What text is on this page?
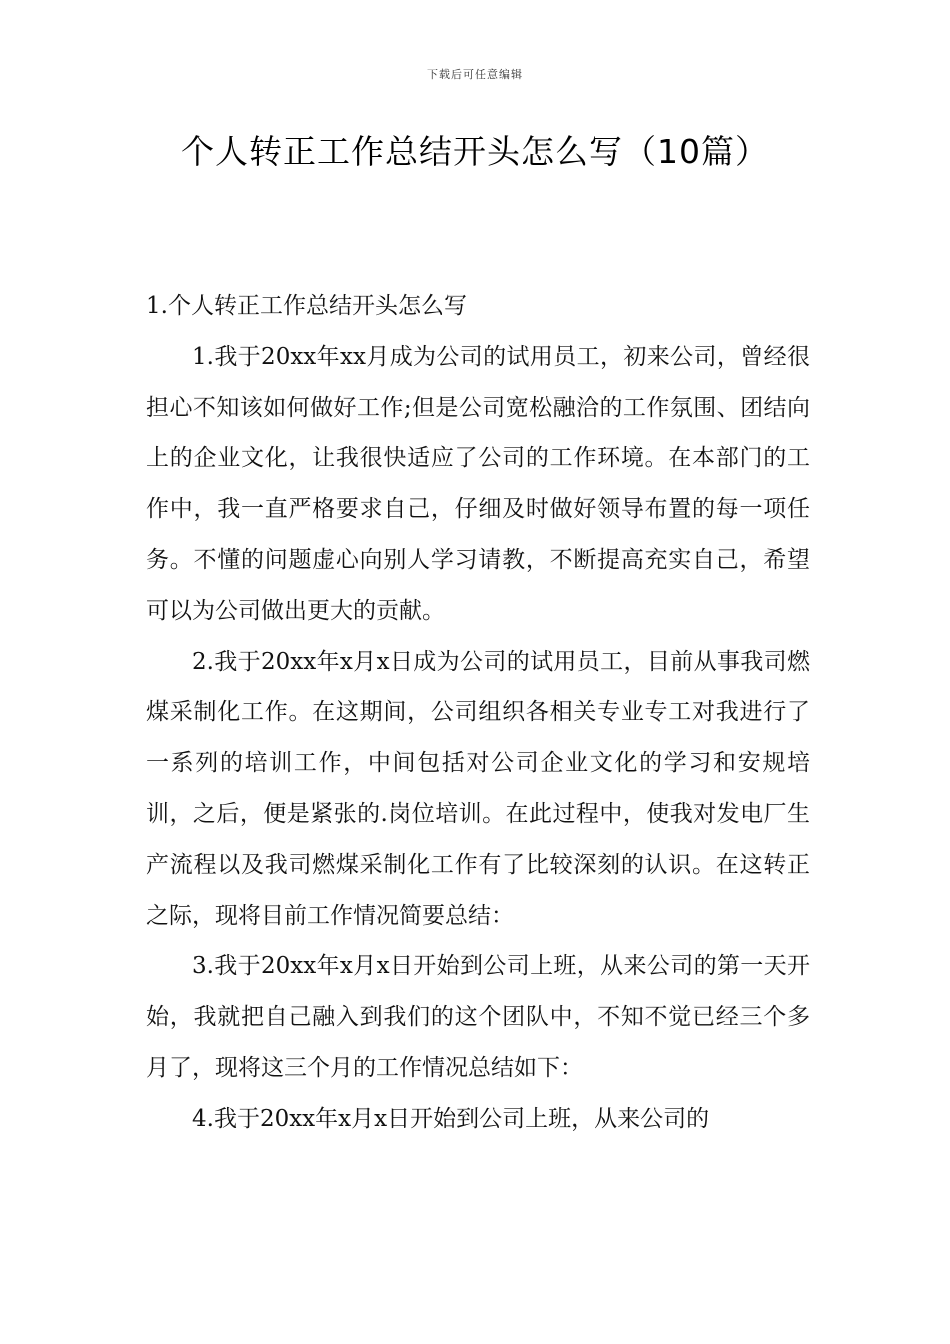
下载后可任意编辑
个人转正工作总结开头怎么写（10篇）

1.个人转正工作总结开头怎么写

1.我于20xx年xx月成为公司的试用员工，初来公司，曾经很担心不知该如何做好工作;但是公司宽松融洽的工作氛围、团结向上的企业文化，让我很快适应了公司的工作环境。在本部门的工作中，我一直严格要求自己，仔细及时做好领导布置的每一项任务。不懂的问题虚心向别人学习请教，不断提高充实自己，希望可以为公司做出更大的贡献。

2.我于20xx年x月x日成为公司的试用员工，目前从事我司燃煤采制化工作。在这期间，公司组织各相关专业专工对我进行了一系列的培训工作，中间包括对公司企业文化的学习和安规培训，之后，便是紧张的.岗位培训。在此过程中，使我对发电厂生产流程以及我司燃煤采制化工作有了比较深刻的认识。在这转正之际，现将目前工作情况简要总结：

3.我于20xx年x月x日开始到公司上班，从来公司的第一天开始，我就把自己融入到我们的这个团队中，不知不觉已经三个多月了，现将这三个月的工作情况总结如下：

4.我于20xx年x月x日开始到公司上班，从来公司的
